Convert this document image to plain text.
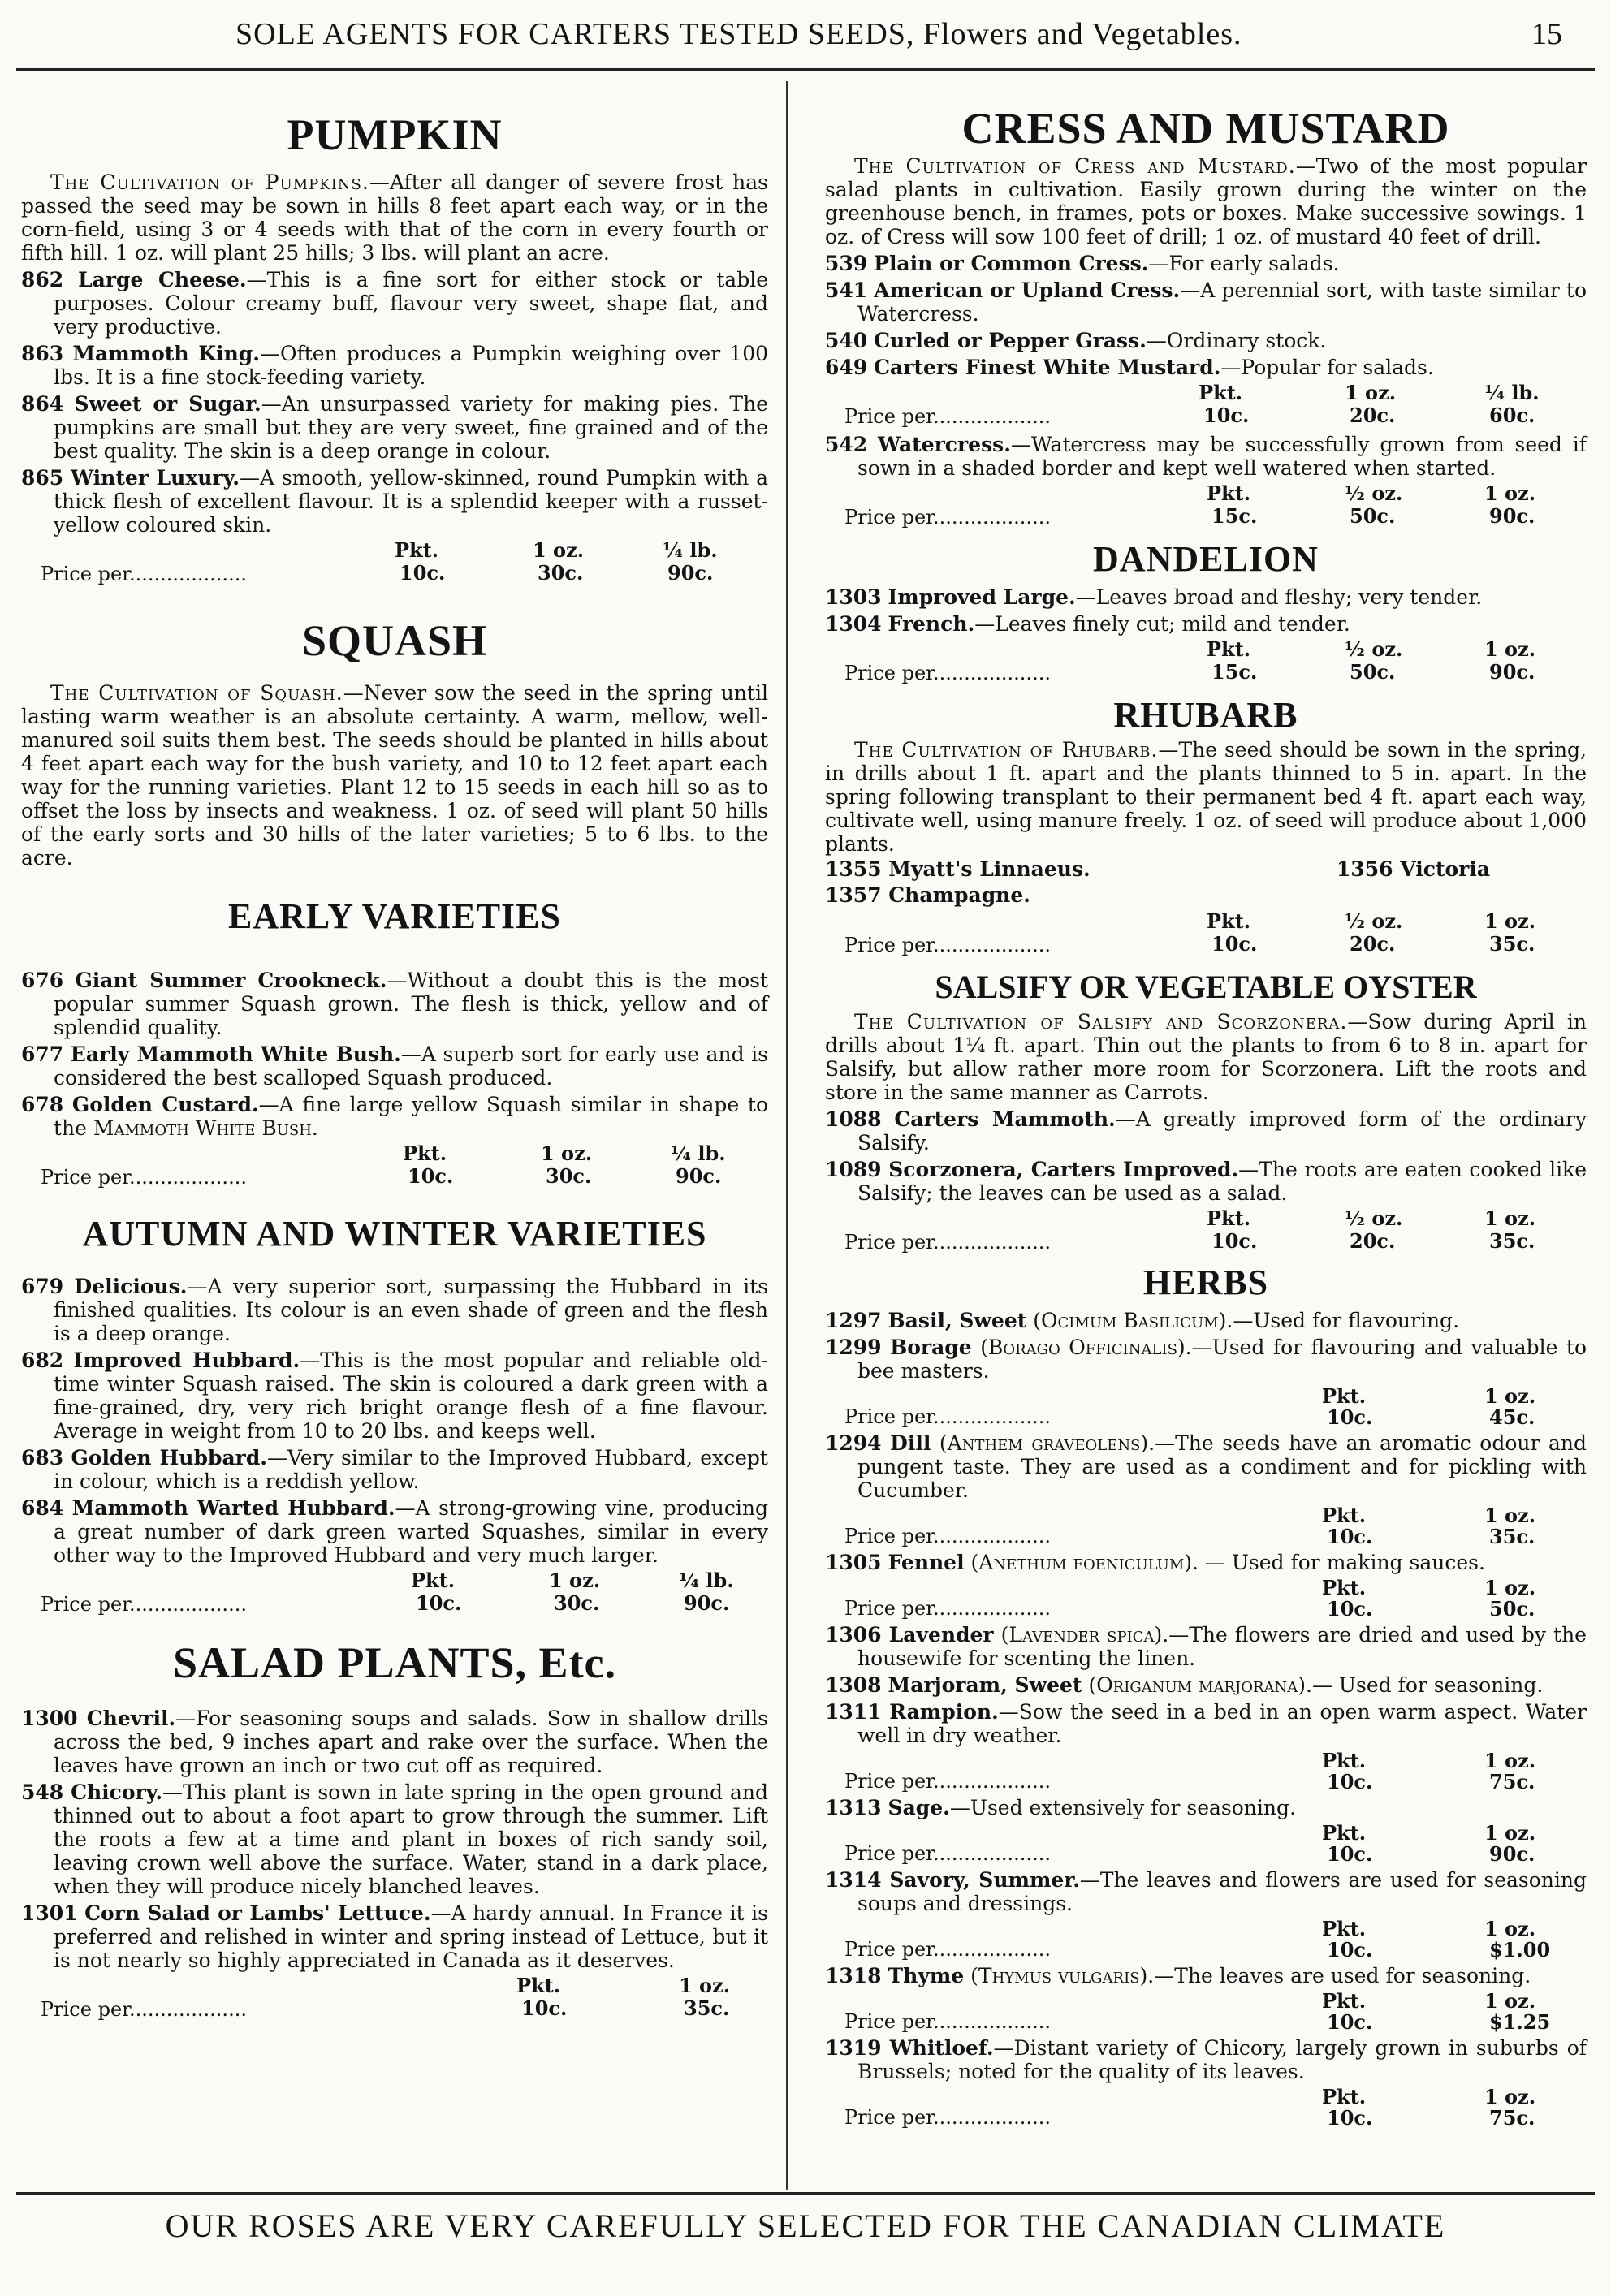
SOLE AGENTS FOR CARTERS TESTED SEEDS, Flowers and Vegetables.	15
PUMPKIN

The Cultivation of Pumpkins.—After all danger of severe frost has passed the seed may be sown in hills 8 feet apart each way, or in the corn-field, using 3 or 4 seeds with that of the corn in every fourth or fifth hill. 1 oz. will plant 25 hills; 3 lbs. will plant an acre.

862 Large Cheese.—This is a fine sort for either stock or table purposes. Colour creamy buff, flavour very sweet, shape flat, and very productive.

863 Mammoth King.—Often produces a Pumpkin weighing over 100 lbs. It is a fine stock-feeding variety.

864 Sweet or Sugar.—An unsurpassed variety for making pies. The pumpkins are small but they are very sweet, fine grained and of the best quality. The skin is a deep orange in colour.

865 Winter Luxury.—A smooth, yellow-skinned, round Pumpkin with a thick flesh of excellent flavour. It is a splendid keeper with a russet-yellow coloured skin.

Pkt.	1 oz.	¼ lb.
Price per...................	10c.	30c.	90c.
SQUASH

The Cultivation of Squash.—Never sow the seed in the spring until lasting warm weather is an absolute certainty. A warm, mellow, well-manured soil suits them best. The seeds should be planted in hills about 4 feet apart each way for the bush variety, and 10 to 12 feet apart each way for the running varieties. Plant 12 to 15 seeds in each hill so as to offset the loss by insects and weakness. 1 oz. of seed will plant 50 hills of the early sorts and 30 hills of the later varieties; 5 to 6 lbs. to the acre.

EARLY VARIETIES

676 Giant Summer Crookneck.—Without a doubt this is the most popular summer Squash grown. The flesh is thick, yellow and of splendid quality.

677 Early Mammoth White Bush.—A superb sort for early use and is considered the best scalloped Squash produced.

678 Golden Custard.—A fine large yellow Squash similar in shape to the Mammoth White Bush.

Pkt.	1 oz.	¼ lb.
Price per...................	10c.	30c.	90c.
AUTUMN AND WINTER VARIETIES

679 Delicious.—A very superior sort, surpassing the Hubbard in its finished qualities. Its colour is an even shade of green and the flesh is a deep orange.

682 Improved Hubbard.—This is the most popular and reliable old-time winter Squash raised. The skin is coloured a dark green with a fine-grained, dry, very rich bright orange flesh of a fine flavour. Average in weight from 10 to 20 lbs. and keeps well.

683 Golden Hubbard.—Very similar to the Improved Hubbard, except in colour, which is a reddish yellow.

684 Mammoth Warted Hubbard.—A strong-growing vine, producing a great number of dark green warted Squashes, similar in every other way to the Improved Hubbard and very much larger.

Pkt.	1 oz.	¼ lb.
Price per...................	10c.	30c.	90c.
SALAD PLANTS, Etc.

1300 Chevril.—For seasoning soups and salads. Sow in shallow drills across the bed, 9 inches apart and rake over the surface. When the leaves have grown an inch or two cut off as required.

548 Chicory.—This plant is sown in late spring in the open ground and thinned out to about a foot apart to grow through the summer. Lift the roots a few at a time and plant in boxes of rich sandy soil, leaving crown well above the surface. Water, stand in a dark place, when they will produce nicely blanched leaves.

1301 Corn Salad or Lambs' Lettuce.—A hardy annual. In France it is preferred and relished in winter and spring instead of Lettuce, but it is not nearly so highly appreciated in Canada as it deserves.

Pkt.	1 oz.
Price per...................	10c.	35c.
CRESS AND MUSTARD

The Cultivation of Cress and Mustard.—Two of the most popular salad plants in cultivation. Easily grown during the winter on the greenhouse bench, in frames, pots or boxes. Make successive sowings. 1 oz. of Cress will sow 100 feet of drill; 1 oz. of mustard 40 feet of drill.

539 Plain or Common Cress.—For early salads.

541 American or Upland Cress.—A perennial sort, with taste similar to Watercress.

540 Curled or Pepper Grass.—Ordinary stock.

649 Carters Finest White Mustard.—Popular for salads.

Pkt.	1 oz.	¼ lb.
Price per...................	10c.	20c.	60c.

542 Watercress.—Watercress may be successfully grown from seed if sown in a shaded border and kept well watered when started.

Pkt.	½ oz.	1 oz.
Price per...................	15c.	50c.	90c.
DANDELION

1303 Improved Large.—Leaves broad and fleshy; very tender.

1304 French.—Leaves finely cut; mild and tender.

Pkt.	½ oz.	1 oz.
Price per...................	15c.	50c.	90c.
RHUBARB

The Cultivation of Rhubarb.—The seed should be sown in the spring, in drills about 1 ft. apart and the plants thinned to 5 in. apart. In the spring following transplant to their permanent bed 4 ft. apart each way, cultivate well, using manure freely. 1 oz. of seed will produce about 1,000 plants.

1355 Myatt's Linnaeus.	1356 Victoria
1357 Champagne.
Pkt.	½ oz.	1 oz.
Price per...................	10c.	20c.	35c.
SALSIFY OR VEGETABLE OYSTER

The Cultivation of Salsify and Scorzonera.—Sow during April in drills about 1¼ ft. apart. Thin out the plants to from 6 to 8 in. apart for Salsify, but allow rather more room for Scorzonera. Lift the roots and store in the same manner as Carrots.

1088 Carters Mammoth.—A greatly improved form of the ordinary Salsify.

1089 Scorzonera, Carters Improved.—The roots are eaten cooked like Salsify; the leaves can be used as a salad.

Pkt.	½ oz.	1 oz.
Price per...................	10c.	20c.	35c.
HERBS

1297 Basil, Sweet (Ocimum Basilicum).—Used for flavouring.

1299 Borage (Borago Officinalis).—Used for flavouring and valuable to bee masters.

Pkt.	1 oz.
Price per...................	10c.	45c.

1294 Dill (Anthem graveolens).—The seeds have an aromatic odour and pungent taste. They are used as a condiment and for pickling with Cucumber.

Pkt.	1 oz.
Price per...................	10c.	35c.

1305 Fennel (Anethum foeniculum). — Used for making sauces.

Pkt.	1 oz.
Price per...................	10c.	50c.

1306 Lavender (Lavender spica).—The flowers are dried and used by the housewife for scenting the linen.

1308 Marjoram, Sweet (Origanum marjorana).— Used for seasoning.

1311 Rampion.—Sow the seed in a bed in an open warm aspect. Water well in dry weather.

Pkt.	1 oz.
Price per...................	10c.	75c.

1313 Sage.—Used extensively for seasoning.

Pkt.	1 oz.
Price per...................	10c.	90c.

1314 Savory, Summer.—The leaves and flowers are used for seasoning soups and dressings.

Pkt.	1 oz.
Price per...................	10c.	$1.00

1318 Thyme (Thymus vulgaris).—The leaves are used for seasoning.

Pkt.	1 oz.
Price per...................	10c.	$1.25

1319 Whitloef.—Distant variety of Chicory, largely grown in suburbs of Brussels; noted for the quality of its leaves.

Pkt.	1 oz.
Price per...................	10c.	75c.
OUR ROSES ARE VERY CAREFULLY SELECTED FOR THE CANADIAN CLIMATE
